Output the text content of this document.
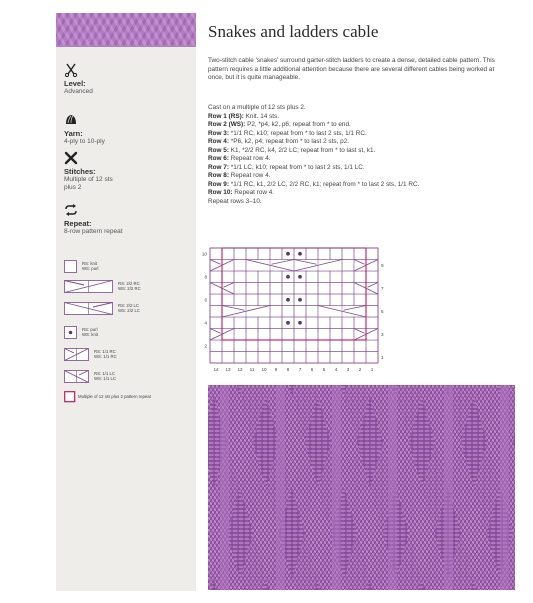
Level:
Advanced
Yarn:
4-ply to 10-ply
Stitches:
Multiple of 12 sts
plus 2
Repeat:
8-row pattern repeat
RS: knit
WS: purl
RS: 2/2 RC
WS: 2/2 RC
RS: 2/2 LC
WS: 2/2 LC
RS: purl
WS: knit
RS: 1/1 RC
WS: 1/1 RC
RS: 1/1 LC
WS: 1/1 LC
Multiple of 12 sts plus 2 pattern repeat
Snakes and ladders cable

Two-stitch cable 'snakes' surround garter-stitch ladders to create a dense, detailed cable pattern. This pattern requires a little additional attention because there are several different cables being worked at once, but it is quite manageable.

Cast on a multiple of 12 sts plus 2.
Row 1 (RS): Knit. 14 sts.
Row 2 (WS): P2, *p4, k2, p6; repeat from * to end.
Row 3: *1/1 RC, k10; repeat from * to last 2 sts, 1/1 RC.
Row 4: *P6, k2, p4; repeat from * to last 2 sts, p2.
Row 5: K1, *2/2 RC, k4, 2/2 LC; repeat from * to last st, k1.
Row 6: Repeat row 4.
Row 7: *1/1 LC, k10; repeat from * to last 2 sts, 1/1 LC.
Row 8: Repeat row 4.
Row 9: *1/1 RC, k1, 2/2 LC, 2/2 RC, k1; repeat from * to last 2 sts, 1/1 RC.
Row 10: Repeat row 4.
Repeat rows 3–10.
14 13 12 11 10 9 8 7 6 5 4 3 2 1
10
8
6
4
2
9
7
5
3
1
